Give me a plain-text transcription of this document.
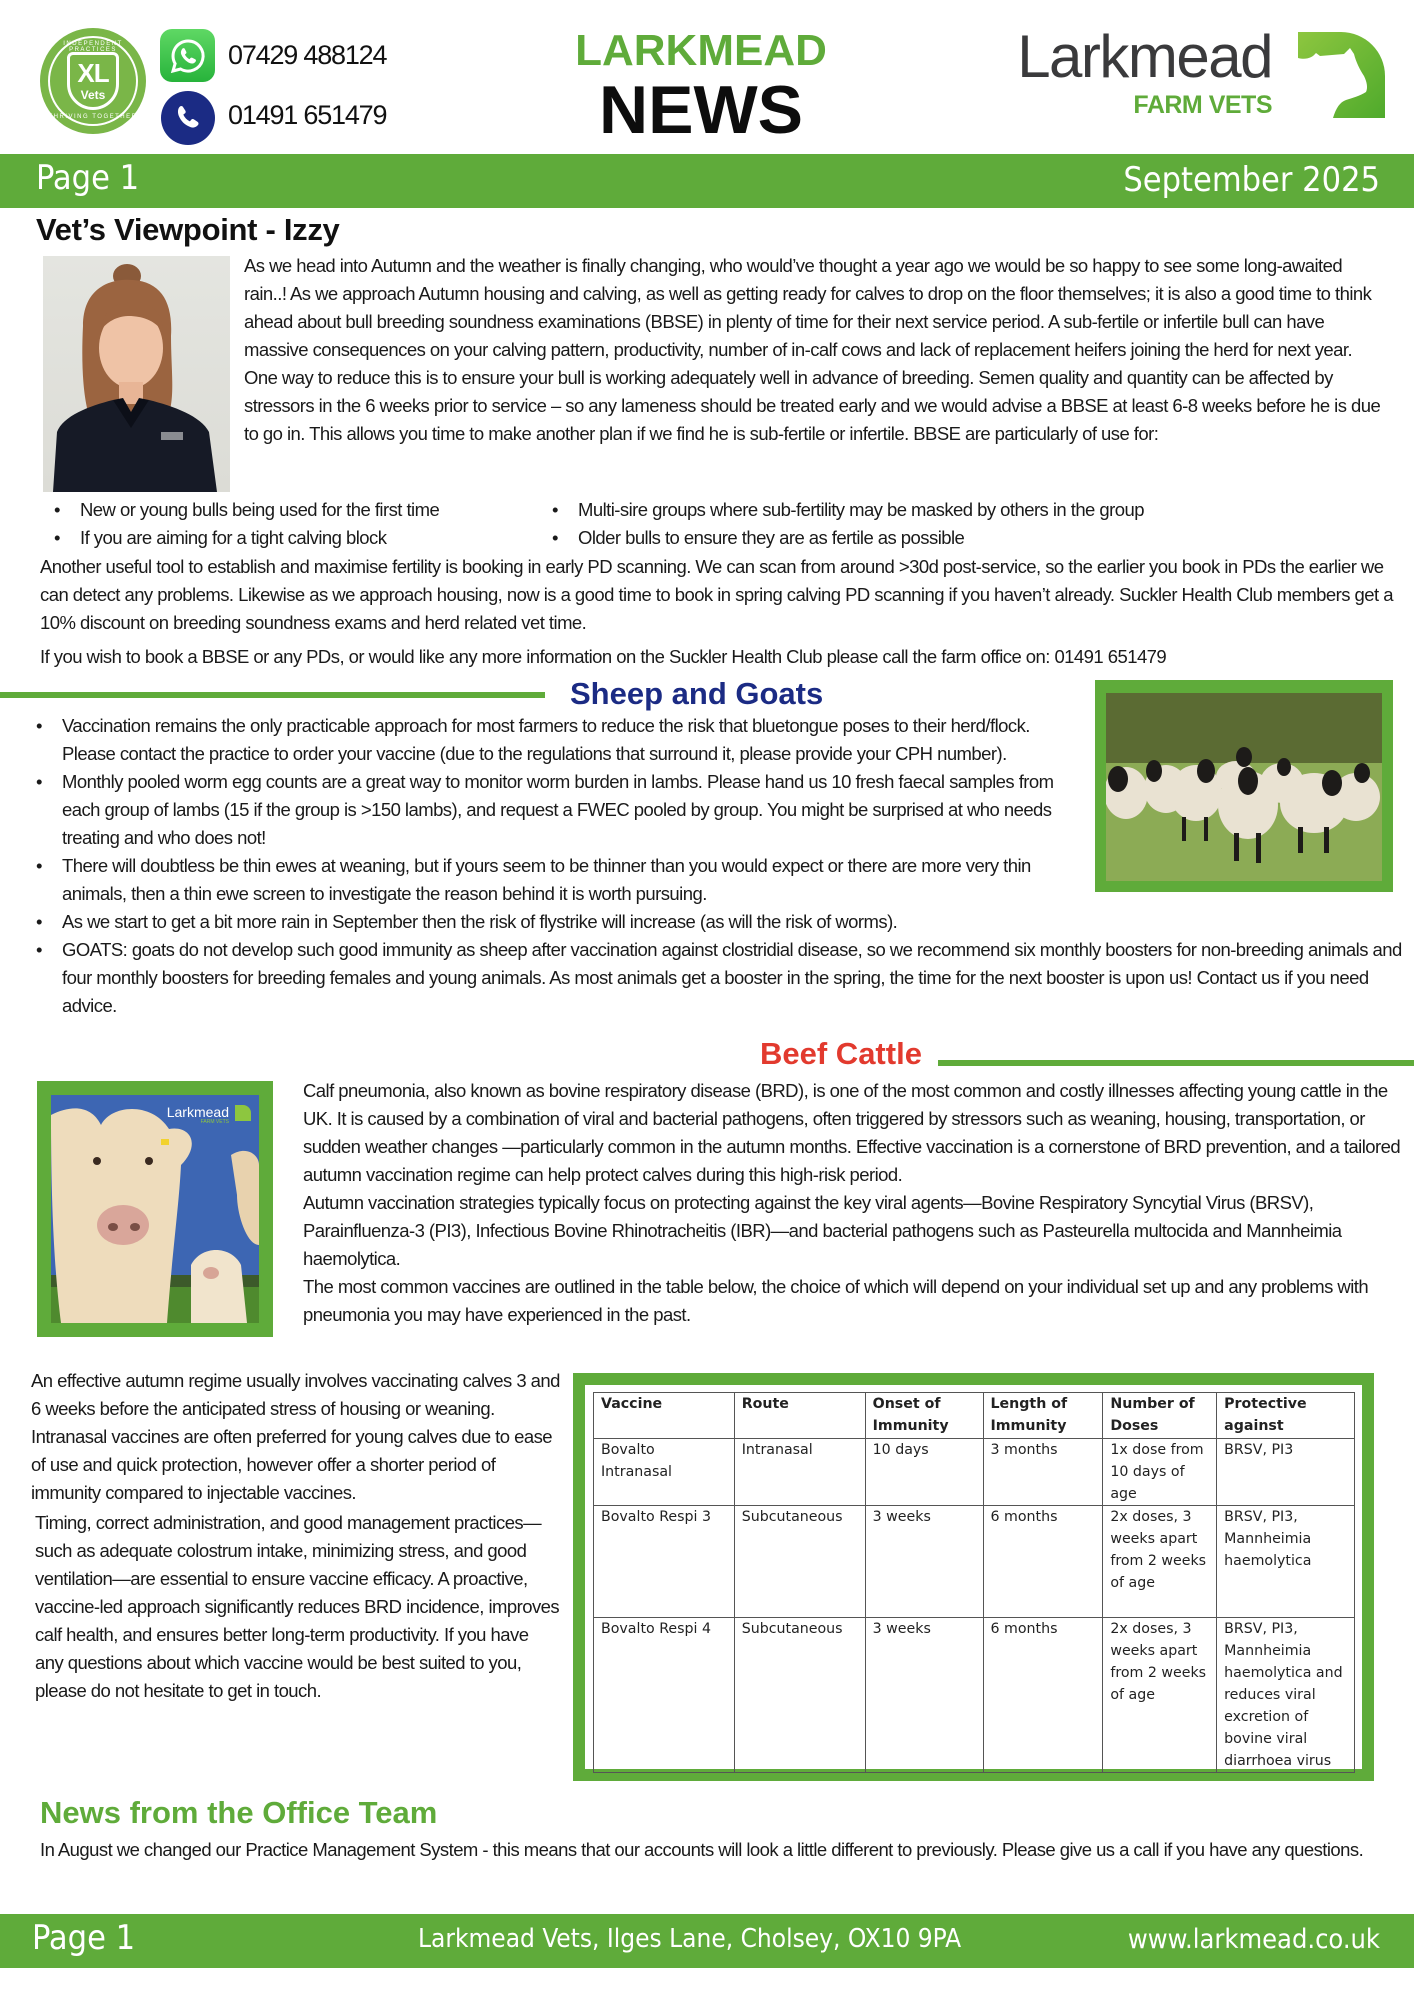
INDEPENDENT PRACTICES
XL
Vets
THRIVING TOGETHER
07429 488124
01491 651479
LARKMEAD
NEWS
Larkmead
FARM VETS
Page 1	September 2025
Vet’s Viewpoint - Izzy
As we head into Autumn and the weather is finally changing, who would’ve thought a year ago we would be so happy to see some long-awaited rain..! As we approach Autumn housing and calving, as well as getting ready for calves to drop on the floor themselves; it is also a good time to think ahead about bull breeding soundness examinations (BBSE) in plenty of time for their next service period. A sub-fertile or infertile bull can have massive consequences on your calving pattern, productivity, number of in-calf cows and lack of replacement heifers joining the herd for next year. One way to reduce this is to ensure your bull is working adequately well in advance of breeding. Semen quality and quantity can be affected by stressors in the 6 weeks prior to service – so any lameness should be treated early and we would advise a BBSE at least 6-8 weeks before he is due to go in. This allows you time to make another plan if we find he is sub-fertile or infertile. BBSE are particularly of use for:
• New or young bulls being used for the first time
• If you are aiming for a tight calving block
• Multi-sire groups where sub-fertility may be masked by others in the group
• Older bulls to ensure they are as fertile as possible
Another useful tool to establish and maximise fertility is booking in early PD scanning. We can scan from around >30d post-service, so the earlier you book in PDs the earlier we can detect any problems. Likewise as we approach housing, now is a good time to book in spring calving PD scanning if you haven’t already. Suckler Health Club members get a 10% discount on breeding soundness exams and herd related vet time.
If you wish to book a BBSE or any PDs, or would like any more information on the Suckler Health Club please call the farm office on: 01491 651479
Sheep and Goats
• Vaccination remains the only practicable approach for most farmers to reduce the risk that bluetongue poses to their herd/flock. Please contact the practice to order your vaccine (due to the regulations that surround it, please provide your CPH number).
• Monthly pooled worm egg counts are a great way to monitor worm burden in lambs. Please hand us 10 fresh faecal samples from each group of lambs (15 if the group is >150 lambs), and request a FWEC pooled by group. You might be surprised at who needs treating and who does not!
• There will doubtless be thin ewes at weaning, but if yours seem to be thinner than you would expect or there are more very thin animals, then a thin ewe screen to investigate the reason behind it is worth pursuing.
• As we start to get a bit more rain in September then the risk of flystrike will increase (as will the risk of worms).
• GOATS: goats do not develop such good immunity as sheep after vaccination against clostridial disease, so we recommend six monthly boosters for non-breeding animals and four monthly boosters for breeding females and young animals. As most animals get a booster in the spring, the time for the next booster is upon us! Contact us if you need advice.
Beef Cattle
Larkmead
FARM VETS
Calf pneumonia, also known as bovine respiratory disease (BRD), is one of the most common and costly illnesses affecting young cattle in the UK. It is caused by a combination of viral and bacterial pathogens, often triggered by stressors such as weaning, housing, transportation, or sudden weather changes —particularly common in the autumn months. Effective vaccination is a cornerstone of BRD prevention, and a tailored autumn vaccination regime can help protect calves during this high-risk period.
Autumn vaccination strategies typically focus on protecting against the key viral agents—Bovine Respiratory Syncytial Virus (BRSV), Parainfluenza-3 (PI3), Infectious Bovine Rhinotracheitis (IBR)—and bacterial pathogens such as Pasteurella multocida and Mannheimia haemolytica.
The most common vaccines are outlined in the table below, the choice of which will depend on your individual set up and any problems with pneumonia you may have experienced in the past.
An effective autumn regime usually involves vaccinating calves 3 and 6 weeks before the anticipated stress of housing or weaning. Intranasal vaccines are often preferred for young calves due to ease of use and quick protection, however offer a shorter period of immunity compared to injectable vaccines.
Timing, correct administration, and good management practices—such as adequate colostrum intake, minimizing stress, and good ventilation—are essential to ensure vaccine efficacy. A proactive, vaccine-led approach significantly reduces BRD incidence, improves calf health, and ensures better long-term productivity. If you have any questions about which vaccine would be best suited to you, please do not hesitate to get in touch.
Vaccine	Route	Onset of Immunity	Length of Immunity	Number of Doses	Protective against
Bovalto Intranasal	Intranasal	10 days	3 months	1x dose from 10 days of age	BRSV, PI3
Bovalto Respi 3	Subcutaneous	3 weeks	6 months	2x doses, 3 weeks apart from 2 weeks of age	BRSV, PI3, Mannheimia haemolytica
Bovalto Respi 4	Subcutaneous	3 weeks	6 months	2x doses, 3 weeks apart from 2 weeks of age	BRSV, PI3, Mannheimia haemolytica and reduces viral excretion of bovine viral diarrhoea virus
News from the Office Team
In August we changed our Practice Management System - this means that our accounts will look a little different to previously. Please give us a call if you have any questions.
Page 1	Larkmead Vets, Ilges Lane, Cholsey, OX10 9PA	www.larkmead.co.uk
